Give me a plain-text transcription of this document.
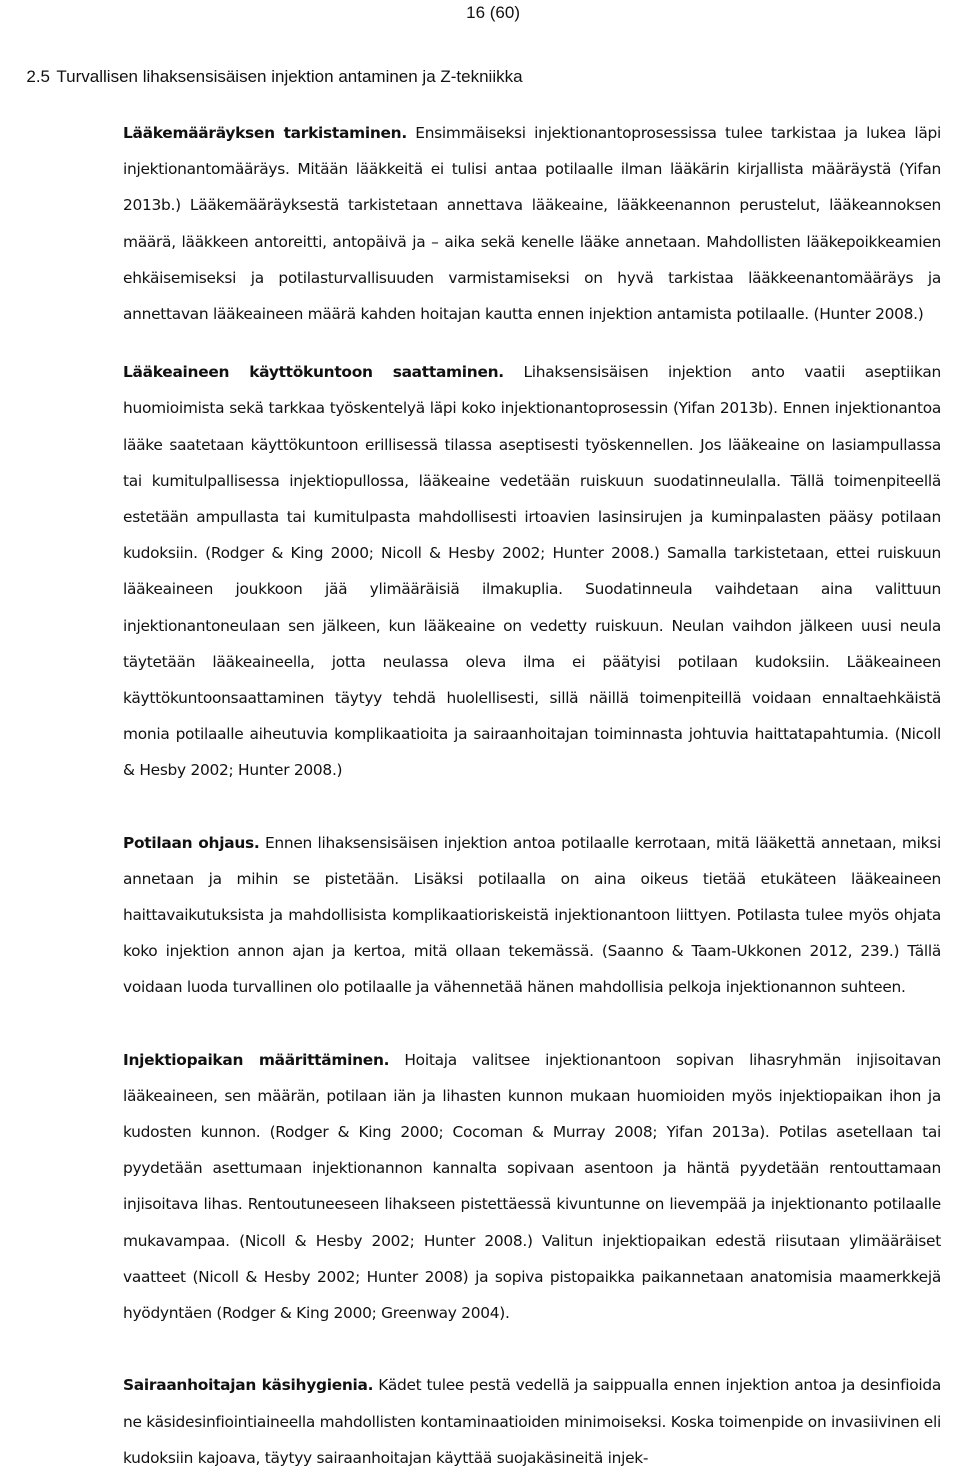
16 (60)
2.5 Turvallisen lihaksensisäisen injektion antaminen ja Z-tekniikka

Lääkemääräyksen tarkistaminen. Ensimmäiseksi injektionantoprosessissa tulee tarkistaa ja lukea läpi injektionantomääräys. Mitään lääkkeitä ei tulisi antaa potilaalle ilman lääkärin kirjallista määräystä (Yifan 2013b.) Lääkemääräyksestä tarkistetaan annettava lääkeaine, lääkkeenannon perustelut, lääkeannoksen määrä, lääkkeen antoreitti, antopäivä ja – aika sekä kenelle lääke annetaan. Mahdollisten lääkepoikkeamien ehkäisemiseksi ja potilasturvallisuuden varmistamiseksi on hyvä tarkistaa lääkkeenantomääräys ja annettavan lääkeaineen määrä kahden hoitajan kautta ennen injektion antamista potilaalle. (Hunter 2008.)

Lääkeaineen käyttökuntoon saattaminen. Lihaksensisäisen injektion anto vaatii aseptiikan huomioimista sekä tarkkaa työskentelyä läpi koko injektionantoprosessin (Yifan 2013b). Ennen injektionantoa lääke saatetaan käyttökuntoon erillisessä tilassa aseptisesti työskennellen. Jos lääkeaine on lasiampullassa tai kumitulpallisessa injektiopullossa, lääkeaine vedetään ruiskuun suodatinneulalla. Tällä toimenpiteellä estetään ampullasta tai kumitulpasta mahdollisesti irtoavien lasinsirujen ja kuminpalasten pääsy potilaan kudoksiin. (Rodger & King 2000; Nicoll & Hesby 2002; Hunter 2008.) Samalla tarkistetaan, ettei ruiskuun lääkeaineen joukkoon jää ylimääräisiä ilmakuplia. Suodatinneula vaihdetaan aina valittuun injektionantoneulaan sen jälkeen, kun lääkeaine on vedetty ruiskuun. Neulan vaihdon jälkeen uusi neula täytetään lääkeaineella, jotta neulassa oleva ilma ei päätyisi potilaan kudoksiin. Lääkeaineen käyttökuntoonsaattaminen täytyy tehdä huolellisesti, sillä näillä toimenpiteillä voidaan ennaltaehkäistä monia potilaalle aiheutuvia komplikaatioita ja sairaanhoitajan toiminnasta johtuvia haittatapahtumia. (Nicoll & Hesby 2002; Hunter 2008.)

Potilaan ohjaus. Ennen lihaksensisäisen injektion antoa potilaalle kerrotaan, mitä lääkettä annetaan, miksi annetaan ja mihin se pistetään. Lisäksi potilaalla on aina oikeus tietää etukäteen lääkeaineen haittavaikutuksista ja mahdollisista komplikaatioriskeistä injektionantoon liittyen. Potilasta tulee myös ohjata koko injektion annon ajan ja kertoa, mitä ollaan tekemässä. (Saanno & Taam-Ukkonen 2012, 239.) Tällä voidaan luoda turvallinen olo potilaalle ja vähennetää hänen mahdollisia pelkoja injektionannon suhteen.

Injektiopaikan määrittäminen. Hoitaja valitsee injektionantoon sopivan lihasryhmän injisoitavan lääkeaineen, sen määrän, potilaan iän ja lihasten kunnon mukaan huomioiden myös injektiopaikan ihon ja kudosten kunnon. (Rodger & King 2000; Cocoman & Murray 2008; Yifan 2013a). Potilas asetellaan tai pyydetään asettumaan injektionannon kannalta sopivaan asentoon ja häntä pyydetään rentouttamaan injisoitava lihas. Rentoutuneeseen lihakseen pistettäessä kivuntunne on lievempää ja injektionanto potilaalle mukavampaa. (Nicoll & Hesby 2002; Hunter 2008.) Valitun injektiopaikan edestä riisutaan ylimääräiset vaatteet (Nicoll & Hesby 2002; Hunter 2008) ja sopiva pistopaikka paikannetaan anatomisia maamerkkejä hyödyntäen (Rodger & King 2000; Greenway 2004).

Sairaanhoitajan käsihygienia. Kädet tulee pestä vedellä ja saippualla ennen injektion antoa ja desinfioida ne käsidesinfiointiaineella mahdollisten kontaminaatioiden minimoiseksi. Koska toimenpide on invasiivinen eli kudoksiin kajoava, täytyy sairaanhoitajan käyttää suojakäsineitä injek-
